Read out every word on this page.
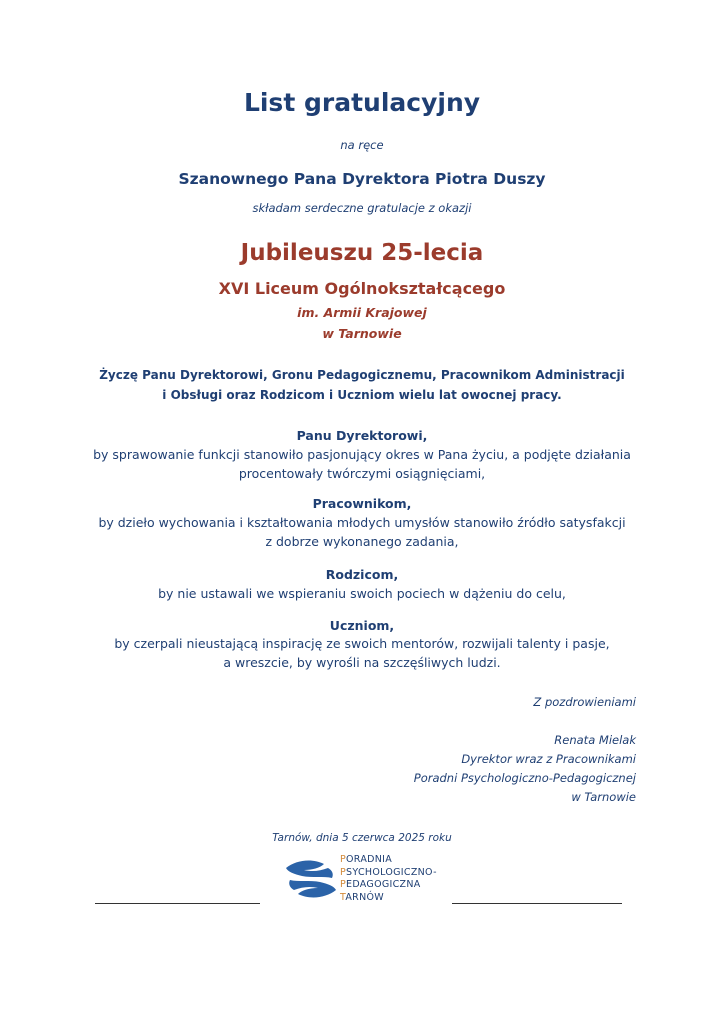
List gratulacyjny
na ręce
Szanownego Pana Dyrektora Piotra Duszy
składam serdeczne gratulacje z okazji
Jubileuszu 25-lecia
XVI Liceum Ogólnokształcącego
im. Armii Krajowej
w Tarnowie
Życzę Panu Dyrektorowi, Gronu Pedagogicznemu, Pracownikom Administracji
i Obsługi oraz Rodzicom i Uczniom wielu lat owocnej pracy.
Panu Dyrektorowi,
by sprawowanie funkcji stanowiło pasjonujący okres w Pana życiu, a podjęte działania
procentowały twórczymi osiągnięciami,
Pracownikom,
by dzieło wychowania i kształtowania młodych umysłów stanowiło źródło satysfakcji
z dobrze wykonanego zadania,
Rodzicom,
by nie ustawali we wspieraniu swoich pociech w dążeniu do celu,
Uczniom,
by czerpali nieustającą inspirację ze swoich mentorów, rozwijali talenty i pasje,
a wreszcie, by wyrośli na szczęśliwych ludzi.
Z pozdrowieniami
Renata Mielak
Dyrektor wraz z Pracownikami
Poradni Psychologiczno-Pedagogicznej
w Tarnowie
Tarnów, dnia 5 czerwca 2025 roku
PORADNIA
PSYCHOLOGICZNO-
PEDAGOGICZNA
TARNÓW
